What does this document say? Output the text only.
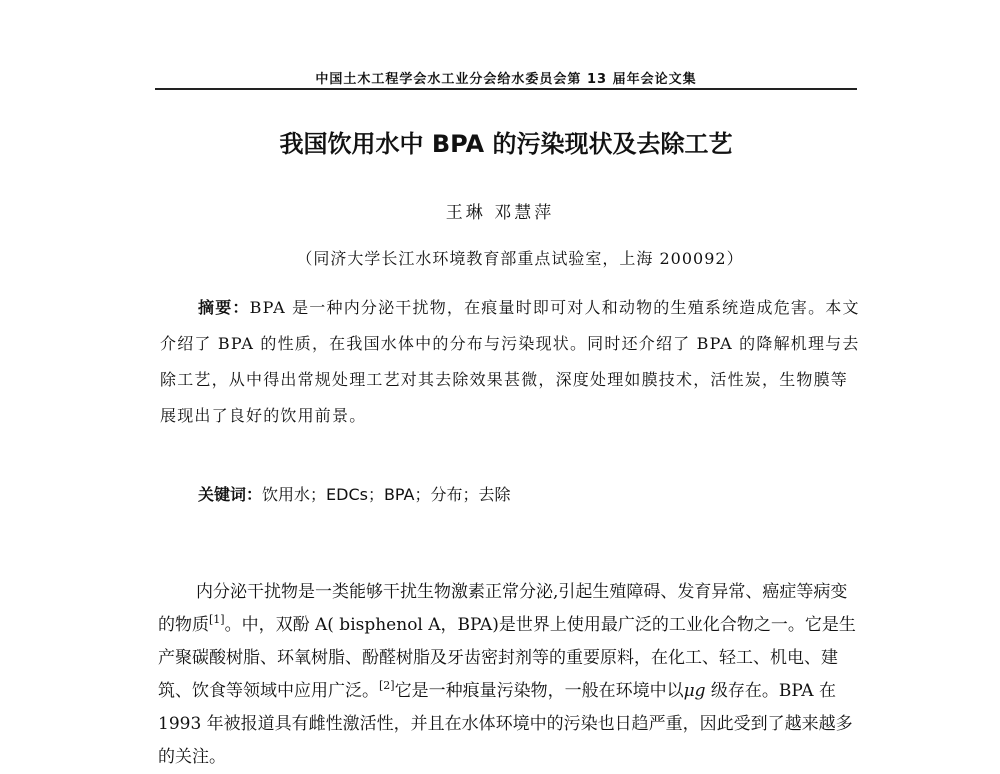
中国土木工程学会水工业分会给水委员会第 13 届年会论文集
我国饮用水中 BPA 的污染现状及去除工艺
王琳 邓慧萍
（同济大学长江水环境教育部重点试验室，上海 200092）
摘要：BPA 是一种内分泌干扰物，在痕量时即可对人和动物的生殖系统造成危害。本文介绍了 BPA 的性质，在我国水体中的分布与污染现状。同时还介绍了 BPA 的降解机理与去除工艺，从中得出常规处理工艺对其去除效果甚微，深度处理如膜技术，活性炭，生物膜等展现出了良好的饮用前景。
关键词：饮用水；EDCs；BPA；分布；去除

内分泌干扰物是一类能够干扰生物激素正常分泌,引起生殖障碍、发育异常、癌症等病变的物质[1]。中，双酚 A( bisphenol A，BPA)是世界上使用最广泛的工业化合物之一。它是生产聚碳酸树脂、环氧树脂、酚醛树脂及牙齿密封剂等的重要原料，在化工、轻工、机电、建筑、饮食等领域中应用广泛。[2]它是一种痕量污染物，一般在环境中以μg 级存在。BPA 在 1993 年被报道具有雌性激活性，并且在水体环境中的污染也日趋严重，因此受到了越来越多的关注。
